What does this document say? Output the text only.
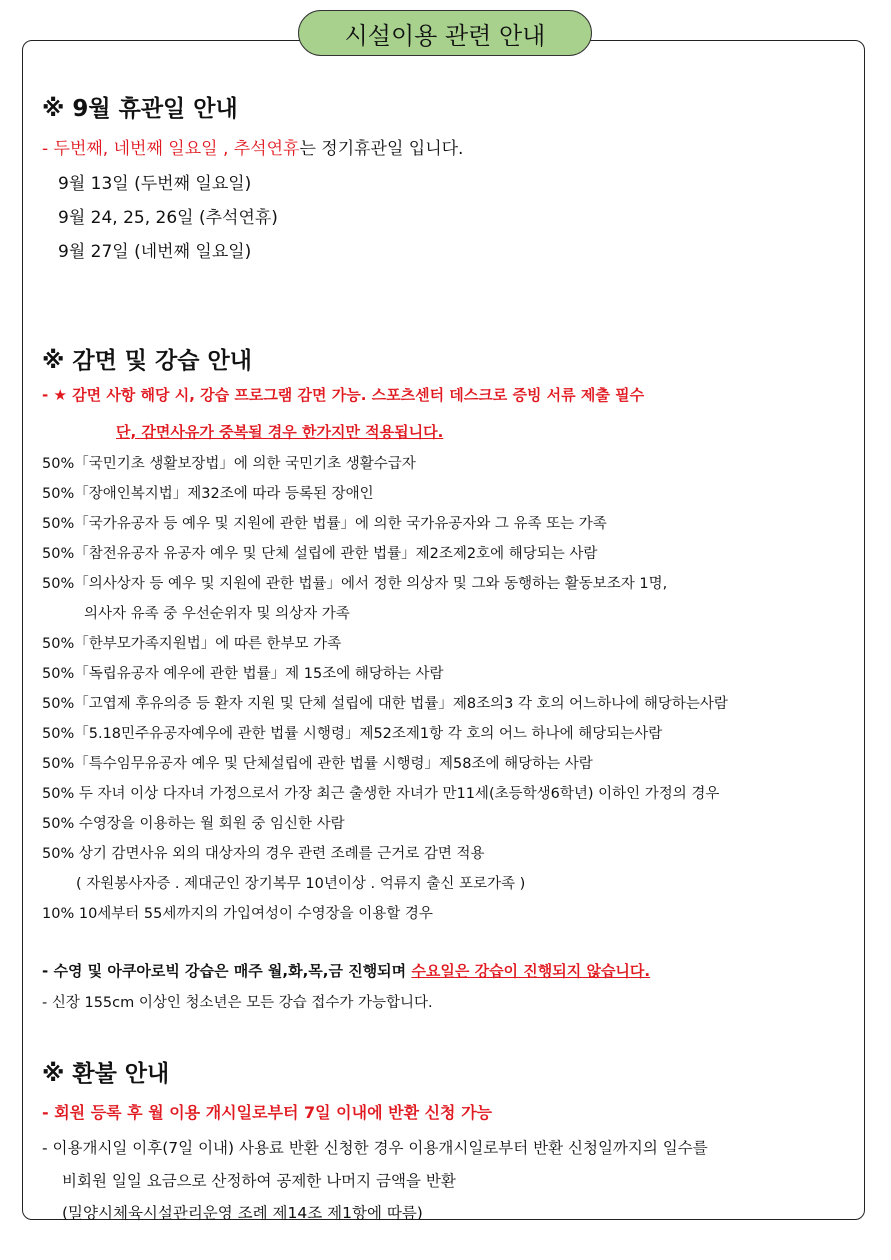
시설이용 관련 안내
※ 9월 휴관일 안내
- 두번째, 네번째 일요일 , 추석연휴는 정기휴관일 입니다.
9월 13일 (두번째 일요일)
9월 24, 25, 26일 (추석연휴)
9월 27일 (네번째 일요일)
※ 감면 및 강습 안내
- ★ 감면 사항 해당 시, 강습 프로그램 감면 가능. 스포츠센터 데스크로 증빙 서류 제출 필수
단, 감면사유가 중복될 경우 한가지만 적용됩니다.
50%「국민기초 생활보장법」에 의한 국민기초 생활수급자
50%「장애인복지법」제32조에 따라 등록된 장애인
50%「국가유공자 등 예우 및 지원에 관한 법률」에 의한 국가유공자와 그 유족 또는 가족
50%「참전유공자 유공자 예우 및 단체 설립에 관한 법률」제2조제2호에 해당되는 사람
50%「의사상자 등 예우 및 지원에 관한 법률」에서 정한 의상자 및 그와 동행하는 활동보조자 1명,
의사자 유족 중 우선순위자 및 의상자 가족
50%「한부모가족지원법」에 따른 한부모 가족
50%「독립유공자 예우에 관한 법률」제 15조에 해당하는 사람
50%「고엽제 후유의증 등 환자 지원 및 단체 설립에 대한 법률」제8조의3 각 호의 어느하나에 해당하는사람
50%「5.18민주유공자예우에 관한 법률 시행령」제52조제1항 각 호의 어느 하나에 해당되는사람
50%「특수임무유공자 예우 및 단체설립에 관한 법률 시행령」제58조에 해당하는 사람
50% 두 자녀 이상 다자녀 가정으로서 가장 최근 출생한 자녀가 만11세(초등학생6학년) 이하인 가정의 경우
50% 수영장을 이용하는 월 회원 중 임신한 사람
50% 상기 감면사유 외의 대상자의 경우 관련 조례를 근거로 감면 적용
( 자원봉사자증 . 제대군인 장기복무 10년이상 . 억류지 출신 포로가족 )
10% 10세부터 55세까지의 가입여성이 수영장을 이용할 경우
- 수영 및 아쿠아로빅 강습은 매주 월,화,목,금 진행되며 수요일은 강습이 진행되지 않습니다.
- 신장 155cm 이상인 청소년은 모든 강습 접수가 가능합니다.
※ 환불 안내
- 회원 등록 후 월 이용 개시일로부터 7일 이내에 반환 신청 가능
- 이용개시일 이후(7일 이내) 사용료 반환 신청한 경우 이용개시일로부터 반환 신청일까지의 일수를
비회원 일일 요금으로 산정하여 공제한 나머지 금액을 반환
(밀양시체육시설관리운영 조례 제14조 제1항에 따름)
